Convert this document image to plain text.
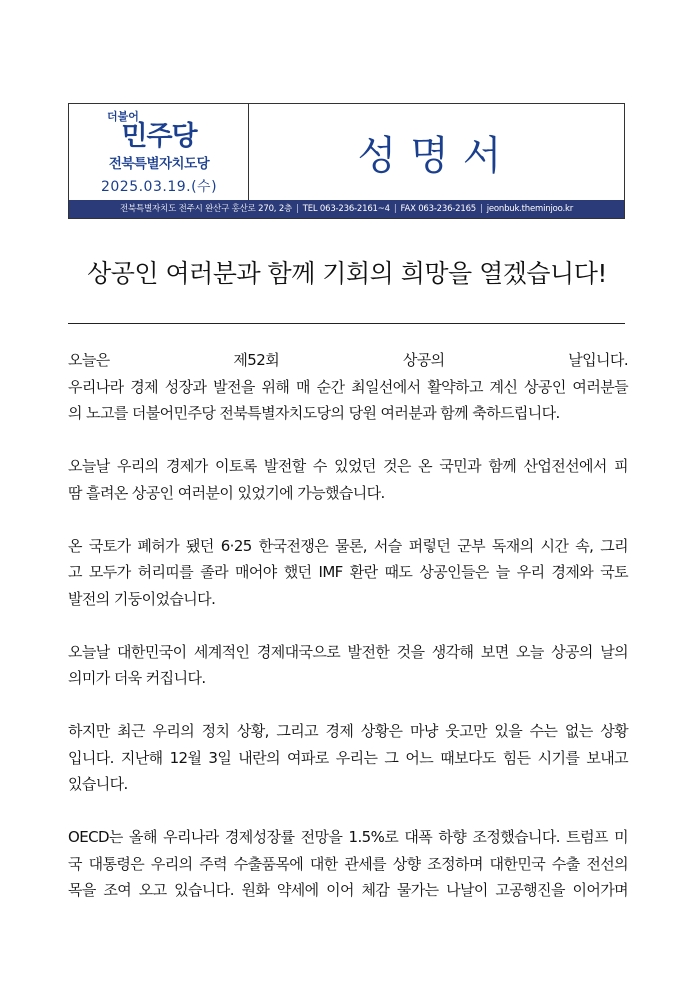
더불어
민주당
전북특별자치도당
2025.03.19.(수)
성명서
전북특별자치도 전주시 완산구 홍산로 270, 2층 | TEL 063-236-2161~4 | FAX 063-236-2165 | jeonbuk.theminjoo.kr
상공인 여러분과 함께 기회의 희망을 열겠습니다!

오늘은 제52회 상공의 날입니다.
우리나라 경제 성장과 발전을 위해 매 순간 최일선에서 활약하고 계신 상공인 여러분들
의 노고를 더불어민주당 전북특별자치도당의 당원 여러분과 함께 축하드립니다.

오늘날 우리의 경제가 이토록 발전할 수 있었던 것은 온 국민과 함께 산업전선에서 피
땀 흘려온 상공인 여러분이 있었기에 가능했습니다.

온 국토가 폐허가 됐던 6·25 한국전쟁은 물론, 서슬 퍼렇던 군부 독재의 시간 속, 그리
고 모두가 허리띠를 졸라 매어야 했던 IMF 환란 때도 상공인들은 늘 우리 경제와 국토
발전의 기둥이었습니다.

오늘날 대한민국이 세계적인 경제대국으로 발전한 것을 생각해 보면 오늘 상공의 날의
의미가 더욱 커집니다.

하지만 최근 우리의 정치 상황, 그리고 경제 상황은 마냥 웃고만 있을 수는 없는 상황
입니다. 지난해 12월 3일 내란의 여파로 우리는 그 어느 때보다도 힘든 시기를 보내고
있습니다.

OECD는 올해 우리나라 경제성장률 전망을 1.5%로 대폭 하향 조정했습니다. 트럼프 미
국 대통령은 우리의 주력 수출품목에 대한 관세를 상향 조정하며 대한민국 수출 전선의
목을 조여 오고 있습니다. 원화 약세에 이어 체감 물가는 나날이 고공행진을 이어가며
